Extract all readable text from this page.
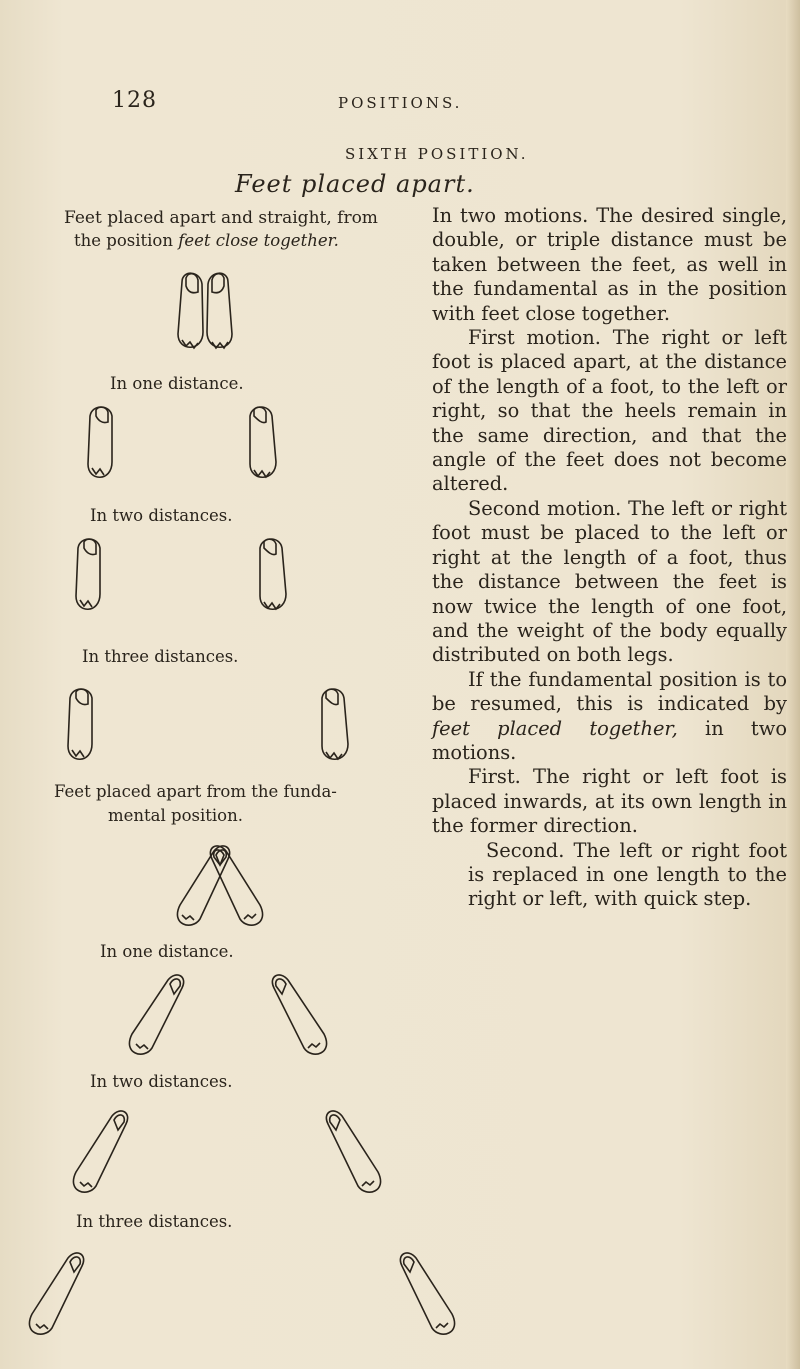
128	POSITIONS.
SIXTH POSITION.
Feet placed apart.
Feet placed apart and straight, from
the position feet close together.
In one distance.
In two distances.
In three distances.
Feet placed apart from the funda-
mental position.
In one distance.
In two distances.
In three distances.

In two motions. The desired single, double, or triple distance must be taken between the feet, as well in the fundamental as in the position with feet close together.

First motion. The right or left foot is placed apart, at the distance of the length of a foot, to the left or right, so that the heels remain in the same direction, and that the angle of the feet does not become altered.

Second motion. The left or right foot must be placed to the left or right at the length of a foot, thus the distance between the feet is now twice the length of one foot, and the weight of the body equally distributed on both legs.

If the fundamental position is to be resumed, this is indicated by feet placed together, in two motions.

First. The right or left foot is placed inwards, at its own length in the former direction.

Second. The left or right foot is replaced in one length to the right or left, with quick step.
